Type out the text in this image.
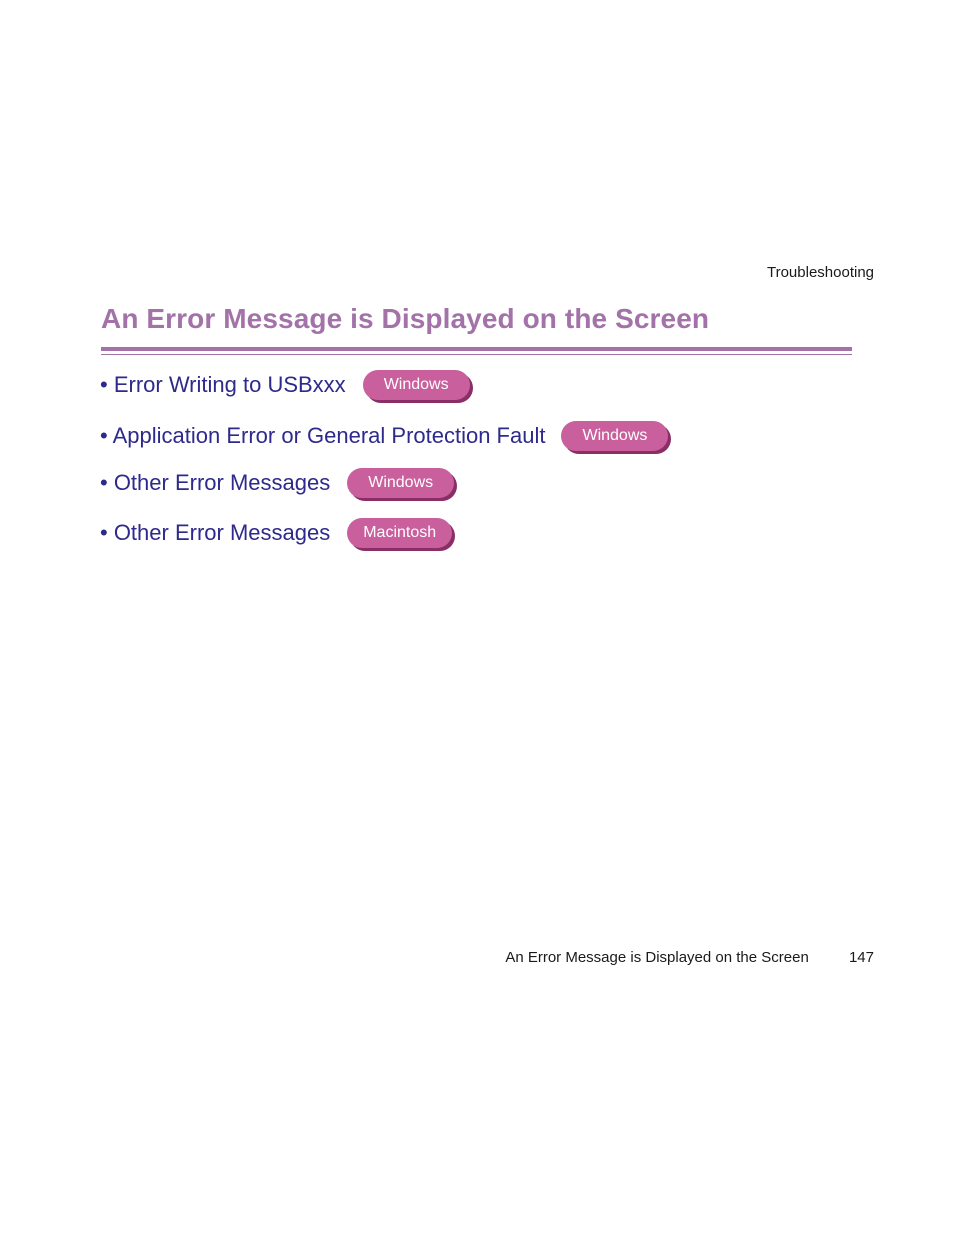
Troubleshooting
An Error Message is Displayed on the Screen
• Error Writing to USBxxx	Windows
• Application Error or General Protection Fault	Windows
• Other Error Messages	Windows
• Other Error Messages	Macintosh
An Error Message is Displayed on the Screen	147
